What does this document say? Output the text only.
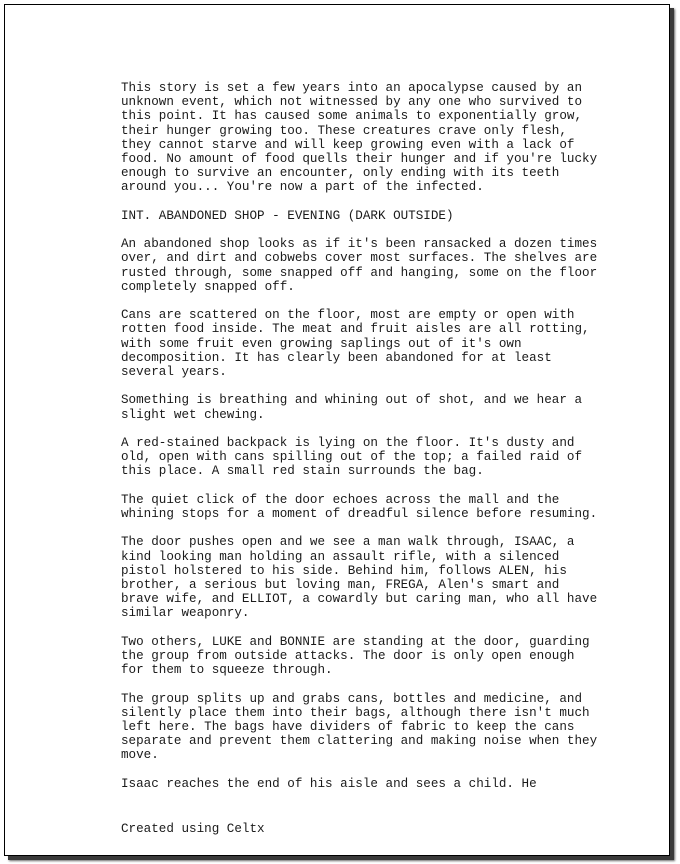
This story is set a few years into an apocalypse caused by an unknown event, which not witnessed by any one who survived to this point. It has caused some animals to exponentially grow, their hunger growing too. These creatures crave only flesh, they cannot starve and will keep growing even with a lack of food. No amount of food quells their hunger and if you're lucky enough to survive an encounter, only ending with its teeth around you... You're now a part of the infected.

INT. ABANDONED SHOP - EVENING (DARK OUTSIDE)

An abandoned shop looks as if it's been ransacked a dozen times over, and dirt and cobwebs cover most surfaces. The shelves are rusted through, some snapped off and hanging, some on the floor completely snapped off.

Cans are scattered on the floor, most are empty or open with rotten food inside. The meat and fruit aisles are all rotting, with some fruit even growing saplings out of it's own decomposition. It has clearly been abandoned for at least several years.

Something is breathing and whining out of shot, and we hear a slight wet chewing.

A red-stained backpack is lying on the floor. It's dusty and old, open with cans spilling out of the top; a failed raid of this place. A small red stain surrounds the bag.

The quiet click of the door echoes across the mall and the whining stops for a moment of dreadful silence before resuming.

The door pushes open and we see a man walk through, ISAAC, a kind looking man holding an assault rifle, with a silenced pistol holstered to his side. Behind him, follows ALEN, his brother, a serious but loving man, FREGA, Alen's smart and brave wife, and ELLIOT, a cowardly but caring man, who all have similar weaponry.

Two others, LUKE and BONNIE are standing at the door, guarding the group from outside attacks. The door is only open enough for them to squeeze through.

The group splits up and grabs cans, bottles and medicine, and silently place them into their bags, although there isn't much left here. The bags have dividers of fabric to keep the cans separate and prevent them clattering and making noise when they move.

Isaac reaches the end of his aisle and sees a child. He

Created using Celtx
